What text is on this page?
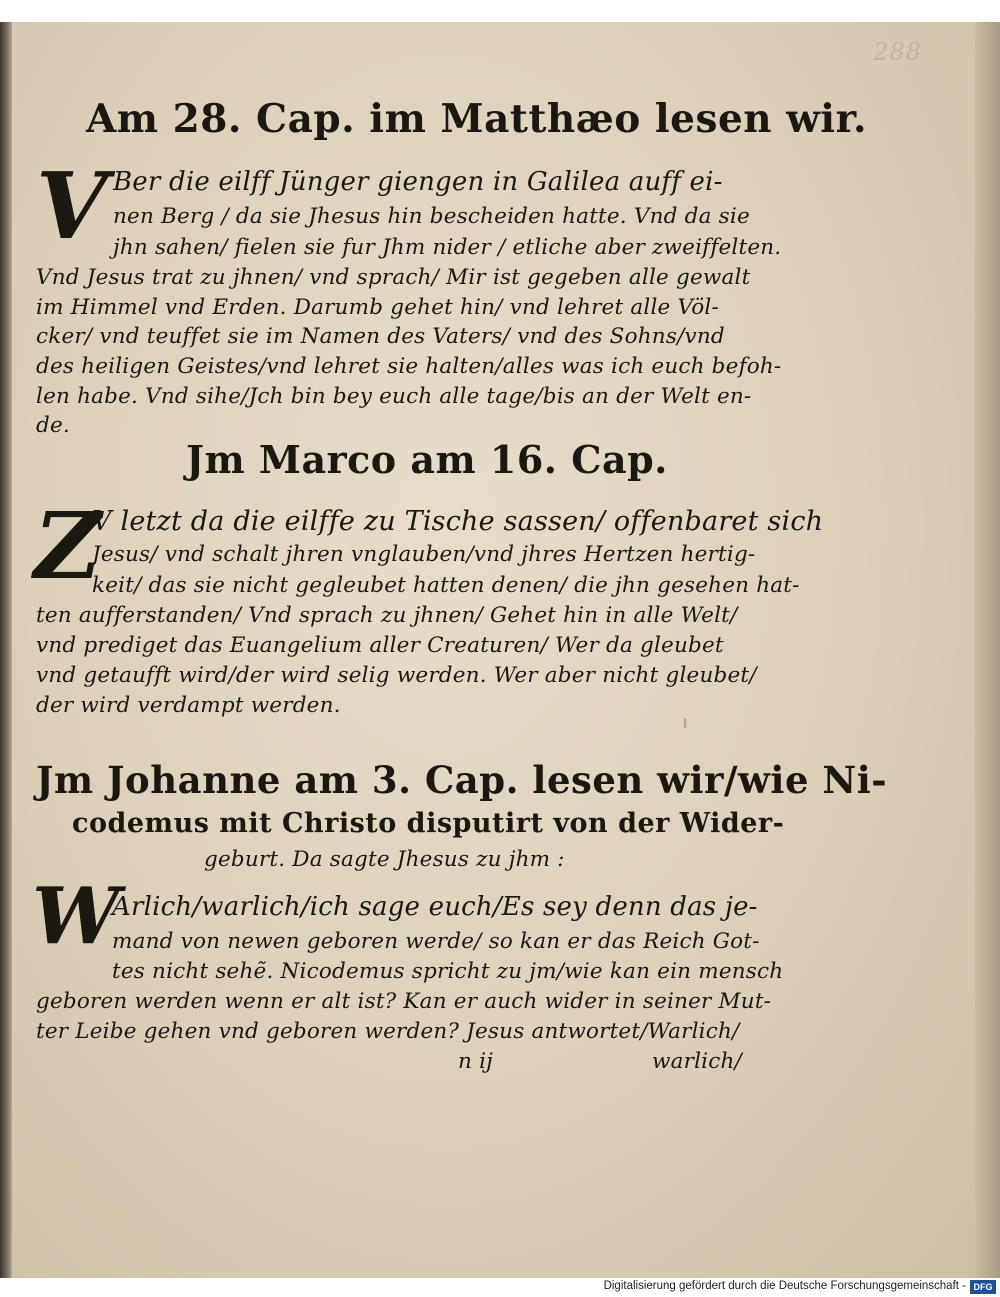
288
Am 28. Cap. im Matthæo lesen wir.
V Ber die eilff Jünger giengen in Galilea auff ei-
nen Berg / da sie Jhesus hin bescheiden hatte. Vnd da sie
jhn sahen/ fielen sie fur Jhm nider / etliche aber zweiffelten.
Vnd Jesus trat zu jhnen/ vnd sprach/ Mir ist gegeben alle gewalt
im Himmel vnd Erden. Darumb gehet hin/ vnd lehret alle Völ-
cker/ vnd teuffet sie im Namen des Vaters/ vnd des Sohns/vnd
des heiligen Geistes/vnd lehret sie halten/alles was ich euch befoh-
len habe. Vnd sihe/Jch bin bey euch alle tage/bis an der Welt en-
de.
Jm Marco am 16. Cap.
Z
V letzt da die eilffe zu Tische sassen/ offenbaret sich
Jesus/ vnd schalt jhren vnglauben/vnd jhres Hertzen hertig-
keit/ das sie nicht gegleubet hatten denen/ die jhn gesehen hat-
ten aufferstanden/ Vnd sprach zu jhnen/ Gehet hin in alle Welt/
vnd prediget das Euangelium aller Creaturen/ Wer da gleubet
vnd getaufft wird/der wird selig werden. Wer aber nicht gleubet/
der wird verdampt werden.
Jm Johanne am 3. Cap. lesen wir/wie Ni-
codemus mit Christo disputirt von der Wider-
geburt. Da sagte Jhesus zu jhm :
W
Arlich/warlich/ich sage euch/Es sey denn das je-
mand von newen geboren werde/ so kan er das Reich Got-
tes nicht sehẽ. Nicodemus spricht zu jm/wie kan ein mensch
geboren werden wenn er alt ist? Kan er auch wider in seiner Mut-
ter Leibe gehen vnd geboren werden? Jesus antwortet/Warlich/
n ij	warlich/
Digitalisierung gefördert durch die Deutsche Forschungsgemeinschaft - DFG
